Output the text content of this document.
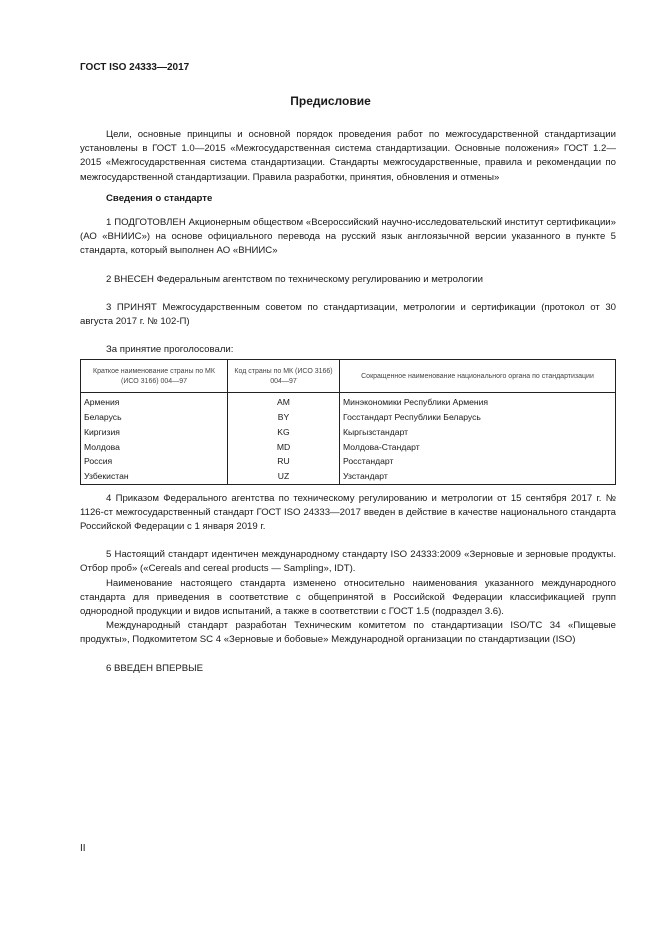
ГОСТ ISO 24333—2017
Предисловие

Цели, основные принципы и основной порядок проведения работ по межгосударственной стандартизации установлены в ГОСТ 1.0—2015 «Межгосударственная система стандартизации. Основные положения» ГОСТ 1.2—2015 «Межгосударственная система стандартизации. Стандарты межгосударственные, правила и рекомендации по межгосударственной стандартизации. Правила разработки, принятия, обновления и отмены»

Сведения о стандарте

1 ПОДГОТОВЛЕН Акционерным обществом «Всероссийский научно-исследовательский институт сертификации» (АО «ВНИИС») на основе официального перевода на русский язык англоязычной версии указанного в пункте 5 стандарта, который выполнен АО «ВНИИС»

2 ВНЕСЕН Федеральным агентством по техническому регулированию и метрологии

3 ПРИНЯТ Межгосударственным советом по стандартизации, метрологии и сертификации (протокол от 30 августа 2017 г. № 102-П)

За принятие проголосовали:

Краткое наименование страны по МК (ИСО 3166) 004—97	Код страны по МК (ИСО 3166) 004—97	Сокращенное наименование национального органа по стандартизации
Армения	AM	Минэкономики Республики Армения
Беларусь	BY	Госстандарт Республики Беларусь
Киргизия	KG	Кыргызстандарт
Молдова	MD	Молдова-Стандарт
Россия	RU	Росстандарт
Узбекистан	UZ	Узстандарт

4 Приказом Федерального агентства по техническому регулированию и метрологии от 15 сентября 2017 г. № 1126-ст межгосударственный стандарт ГОСТ ISO 24333—2017 введен в действие в качестве национального стандарта Российской Федерации с 1 января 2019 г.

5 Настоящий стандарт идентичен международному стандарту ISO 24333:2009 «Зерновые и зерновые продукты. Отбор проб» («Cereals and cereal products — Sampling», IDT).

Наименование настоящего стандарта изменено относительно наименования указанного международного стандарта для приведения в соответствие с общепринятой в Российской Федерации классификацией групп однородной продукции и видов испытаний, а также в соответствии с ГОСТ 1.5 (подраздел 3.6).

Международный стандарт разработан Техническим комитетом по стандартизации ISO/TC 34 «Пищевые продукты», Подкомитетом SC 4 «Зерновые и бобовые» Международной организации по стандартизации (ISO)

6 ВВЕДЕН ВПЕРВЫЕ

II
